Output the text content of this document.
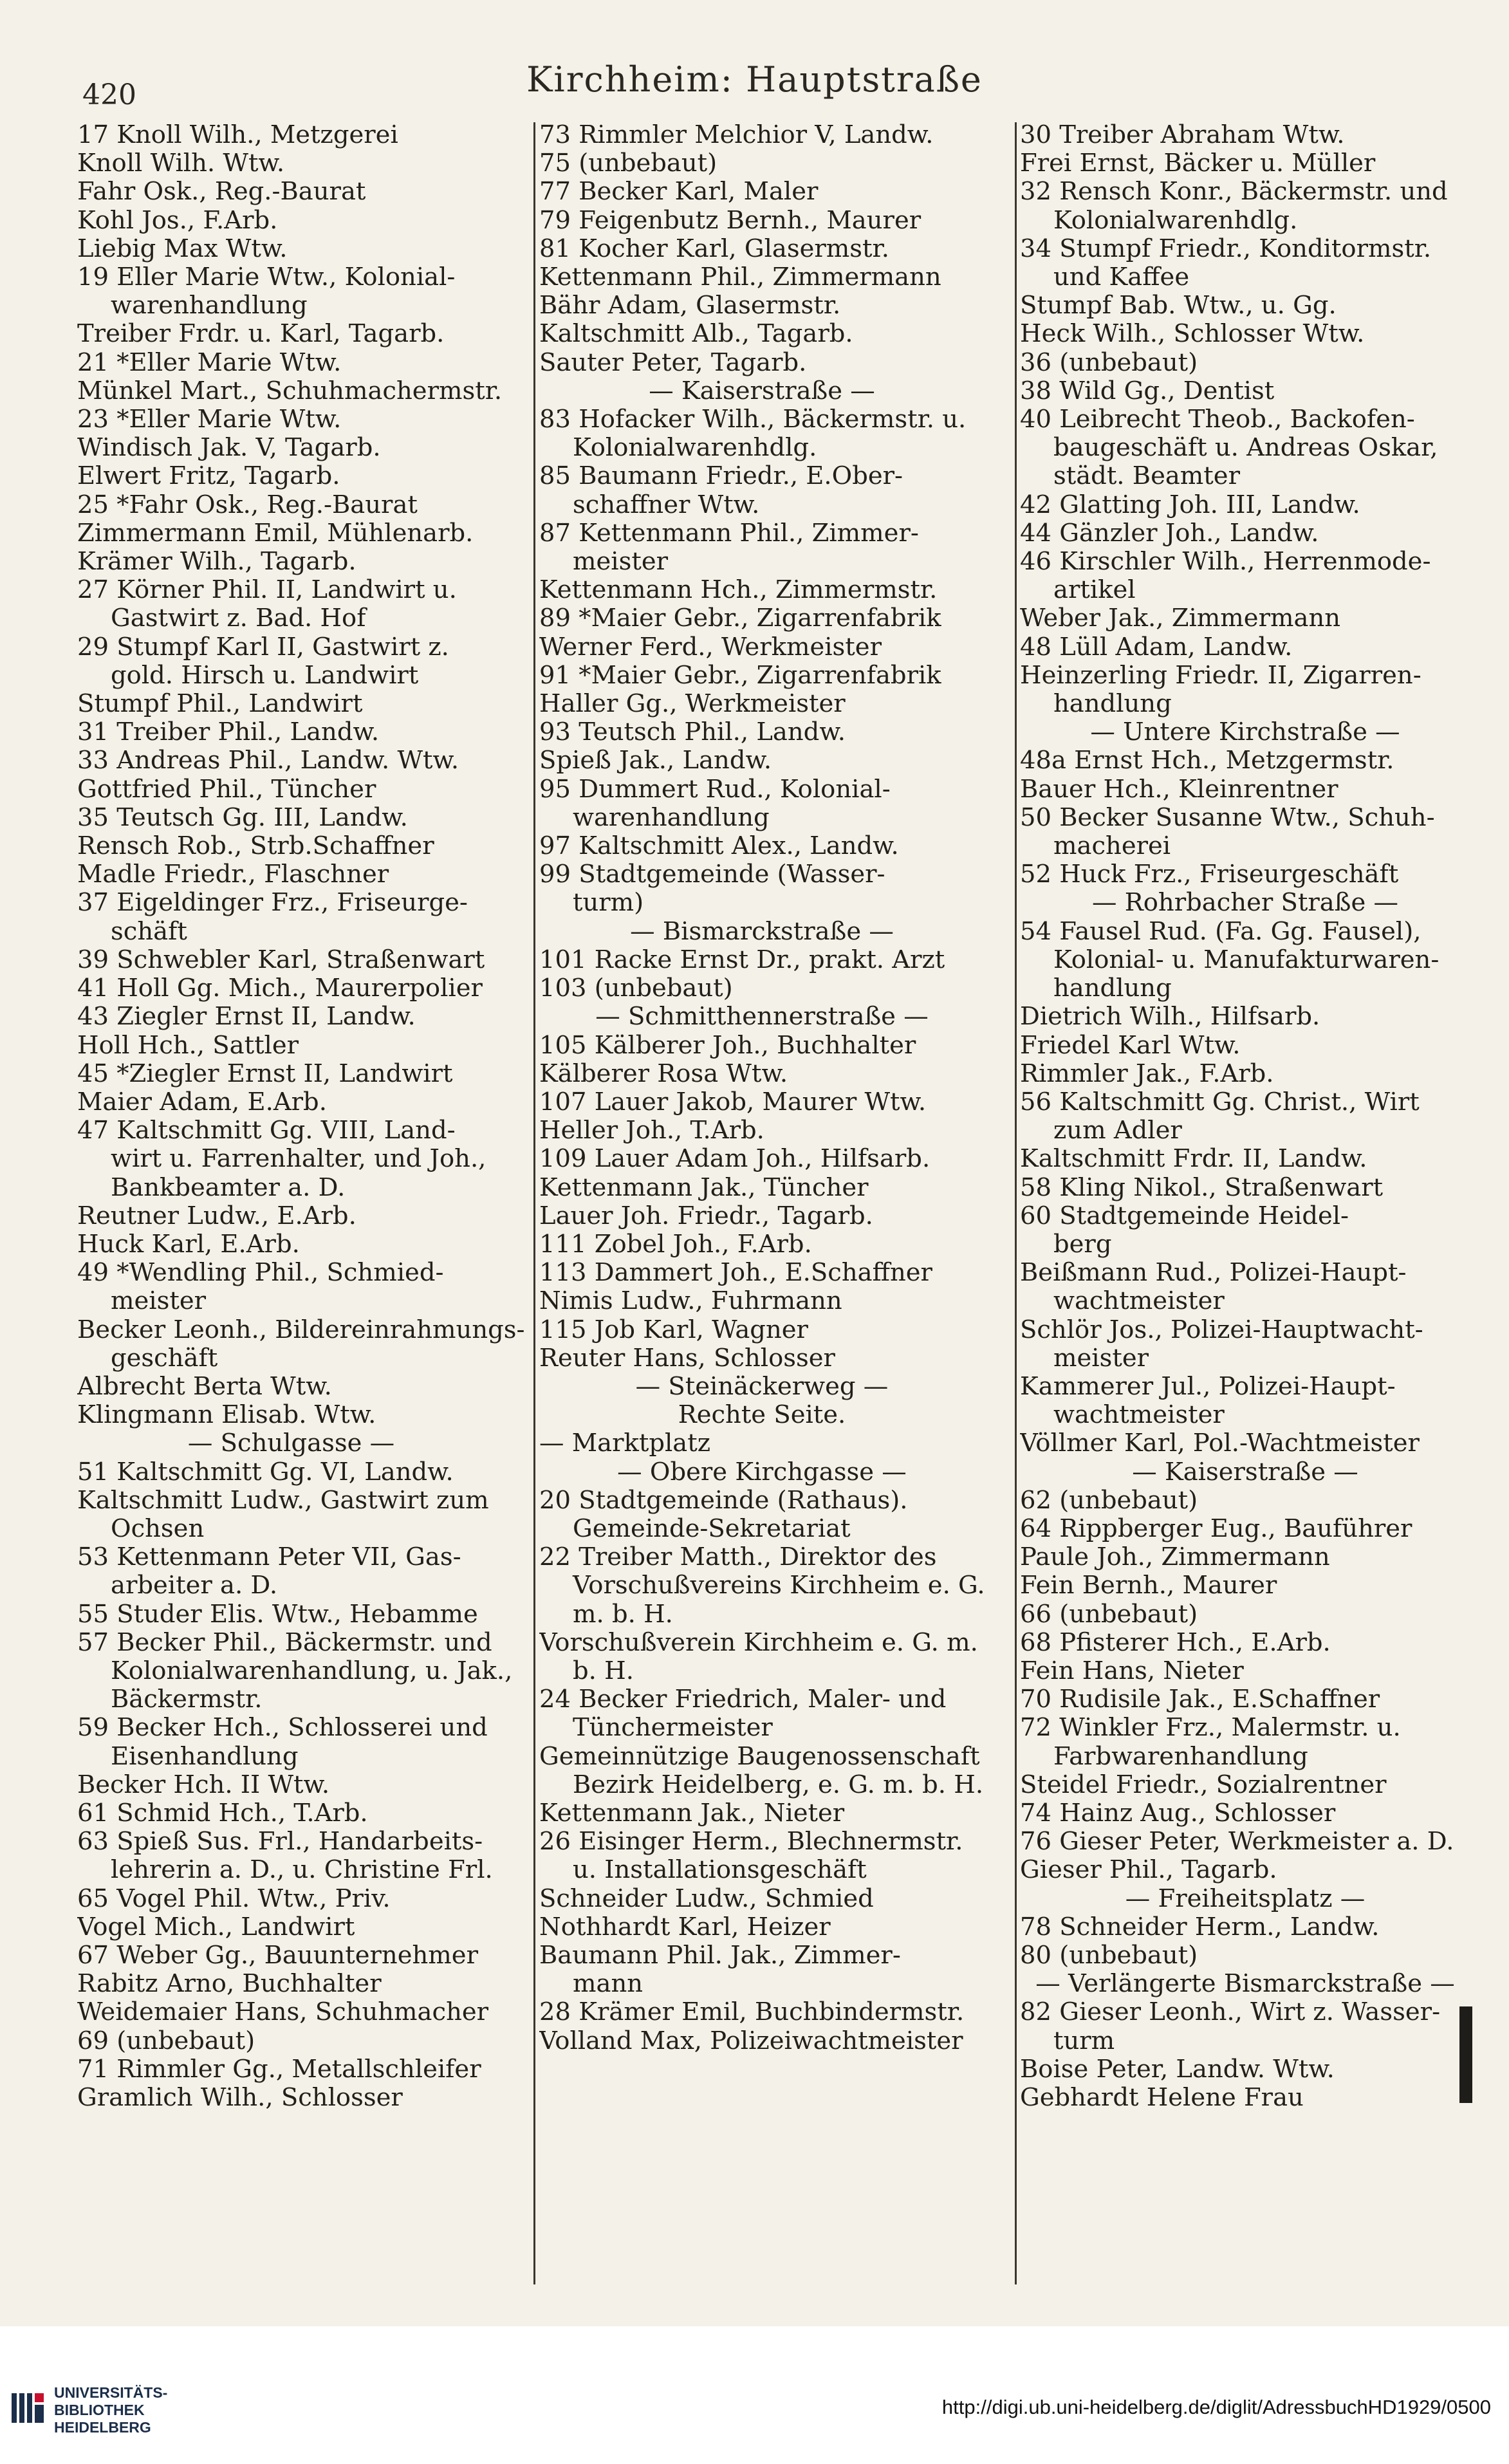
420	Kirchheim: Hauptstraße
17 Knoll Wilh., Metzgerei
Knoll Wilh. Wtw.
Fahr Osk., Reg.-Baurat
Kohl Jos., F.Arb.
Liebig Max Wtw.
19 Eller Marie Wtw., Kolonial-
warenhandlung
Treiber Frdr. u. Karl, Tagarb.
21 *Eller Marie Wtw.
Münkel Mart., Schuhmachermstr.
23 *Eller Marie Wtw.
Windisch Jak. V, Tagarb.
Elwert Fritz, Tagarb.
25 *Fahr Osk., Reg.-Baurat
Zimmermann Emil, Mühlenarb.
Krämer Wilh., Tagarb.
27 Körner Phil. II, Landwirt u.
Gastwirt z. Bad. Hof
29 Stumpf Karl II, Gastwirt z.
gold. Hirsch u. Landwirt
Stumpf Phil., Landwirt
31 Treiber Phil., Landw.
33 Andreas Phil., Landw. Wtw.
Gottfried Phil., Tüncher
35 Teutsch Gg. III, Landw.
Rensch Rob., Strb.Schaffner
Madle Friedr., Flaschner
37 Eigeldinger Frz., Friseurge-
schäft
39 Schwebler Karl, Straßenwart
41 Holl Gg. Mich., Maurerpolier
43 Ziegler Ernst II, Landw.
Holl Hch., Sattler
45 *Ziegler Ernst II, Landwirt
Maier Adam, E.Arb.
47 Kaltschmitt Gg. VIII, Land-
wirt u. Farrenhalter, und Joh.,
Bankbeamter a. D.
Reutner Ludw., E.Arb.
Huck Karl, E.Arb.
49 *Wendling Phil., Schmied-
meister
Becker Leonh., Bildereinrahmungs-
geschäft
Albrecht Berta Wtw.
Klingmann Elisab. Wtw.
— Schulgasse —
51 Kaltschmitt Gg. VI, Landw.
Kaltschmitt Ludw., Gastwirt zum
Ochsen
53 Kettenmann Peter VII, Gas-
arbeiter a. D.
55 Studer Elis. Wtw., Hebamme
57 Becker Phil., Bäckermstr. und
Kolonialwarenhandlung, u. Jak.,
Bäckermstr.
59 Becker Hch., Schlosserei und
Eisenhandlung
Becker Hch. II Wtw.
61 Schmid Hch., T.Arb.
63 Spieß Sus. Frl., Handarbeits-
lehrerin a. D., u. Christine Frl.
65 Vogel Phil. Wtw., Priv.
Vogel Mich., Landwirt
67 Weber Gg., Bauunternehmer
Rabitz Arno, Buchhalter
Weidemaier Hans, Schuhmacher
69 (unbebaut)
71 Rimmler Gg., Metallschleifer
Gramlich Wilh., Schlosser
73 Rimmler Melchior V, Landw.
75 (unbebaut)
77 Becker Karl, Maler
79 Feigenbutz Bernh., Maurer
81 Kocher Karl, Glasermstr.
Kettenmann Phil., Zimmermann
Bähr Adam, Glasermstr.
Kaltschmitt Alb., Tagarb.
Sauter Peter, Tagarb.
— Kaiserstraße —
83 Hofacker Wilh., Bäckermstr. u.
Kolonialwarenhdlg.
85 Baumann Friedr., E.Ober-
schaffner Wtw.
87 Kettenmann Phil., Zimmer-
meister
Kettenmann Hch., Zimmermstr.
89 *Maier Gebr., Zigarrenfabrik
Werner Ferd., Werkmeister
91 *Maier Gebr., Zigarrenfabrik
Haller Gg., Werkmeister
93 Teutsch Phil., Landw.
Spieß Jak., Landw.
95 Dummert Rud., Kolonial-
warenhandlung
97 Kaltschmitt Alex., Landw.
99 Stadtgemeinde (Wasser-
turm)
— Bismarckstraße —
101 Racke Ernst Dr., prakt. Arzt
103 (unbebaut)
— Schmitthennerstraße —
105 Kälberer Joh., Buchhalter
Kälberer Rosa Wtw.
107 Lauer Jakob, Maurer Wtw.
Heller Joh., T.Arb.
109 Lauer Adam Joh., Hilfsarb.
Kettenmann Jak., Tüncher
Lauer Joh. Friedr., Tagarb.
111 Zobel Joh., F.Arb.
113 Dammert Joh., E.Schaffner
Nimis Ludw., Fuhrmann
115 Job Karl, Wagner
Reuter Hans, Schlosser
— Steinäckerweg —
Rechte Seite.
— Marktplatz
— Obere Kirchgasse —
20 Stadtgemeinde (Rathaus).
Gemeinde-Sekretariat
22 Treiber Matth., Direktor des
Vorschußvereins Kirchheim e. G.
m. b. H.
Vorschußverein Kirchheim e. G. m.
b. H.
24 Becker Friedrich, Maler- und
Tünchermeister
Gemeinnützige Baugenossenschaft
Bezirk Heidelberg, e. G. m. b. H.
Kettenmann Jak., Nieter
26 Eisinger Herm., Blechnermstr.
u. Installationsgeschäft
Schneider Ludw., Schmied
Nothhardt Karl, Heizer
Baumann Phil. Jak., Zimmer-
mann
28 Krämer Emil, Buchbindermstr.
Volland Max, Polizeiwachtmeister
30 Treiber Abraham Wtw.
Frei Ernst, Bäcker u. Müller
32 Rensch Konr., Bäckermstr. und
Kolonialwarenhdlg.
34 Stumpf Friedr., Konditormstr.
und Kaffee
Stumpf Bab. Wtw., u. Gg.
Heck Wilh., Schlosser Wtw.
36 (unbebaut)
38 Wild Gg., Dentist
40 Leibrecht Theob., Backofen-
baugeschäft u. Andreas Oskar,
städt. Beamter
42 Glatting Joh. III, Landw.
44 Gänzler Joh., Landw.
46 Kirschler Wilh., Herrenmode-
artikel
Weber Jak., Zimmermann
48 Lüll Adam, Landw.
Heinzerling Friedr. II, Zigarren-
handlung
— Untere Kirchstraße —
48a Ernst Hch., Metzgermstr.
Bauer Hch., Kleinrentner
50 Becker Susanne Wtw., Schuh-
macherei
52 Huck Frz., Friseurgeschäft
— Rohrbacher Straße —
54 Fausel Rud. (Fa. Gg. Fausel),
Kolonial- u. Manufakturwaren-
handlung
Dietrich Wilh., Hilfsarb.
Friedel Karl Wtw.
Rimmler Jak., F.Arb.
56 Kaltschmitt Gg. Christ., Wirt
zum Adler
Kaltschmitt Frdr. II, Landw.
58 Kling Nikol., Straßenwart
60 Stadtgemeinde Heidel-
berg
Beißmann Rud., Polizei-Haupt-
wachtmeister
Schlör Jos., Polizei-Hauptwacht-
meister
Kammerer Jul., Polizei-Haupt-
wachtmeister
Völlmer Karl, Pol.-Wachtmeister
— Kaiserstraße —
62 (unbebaut)
64 Rippberger Eug., Bauführer
Paule Joh., Zimmermann
Fein Bernh., Maurer
66 (unbebaut)
68 Pfisterer Hch., E.Arb.
Fein Hans, Nieter
70 Rudisile Jak., E.Schaffner
72 Winkler Frz., Malermstr. u.
Farbwarenhandlung
Steidel Friedr., Sozialrentner
74 Hainz Aug., Schlosser
76 Gieser Peter, Werkmeister a. D.
Gieser Phil., Tagarb.
— Freiheitsplatz —
78 Schneider Herm., Landw.
80 (unbebaut)
— Verlängerte Bismarckstraße —
82 Gieser Leonh., Wirt z. Wasser-
turm
Boise Peter, Landw. Wtw.
Gebhardt Helene Frau
UNIVERSITÄTS-
BIBLIOTHEK
HEIDELBERG
http://digi.ub.uni-heidelberg.de/diglit/AdressbuchHD1929/0500
